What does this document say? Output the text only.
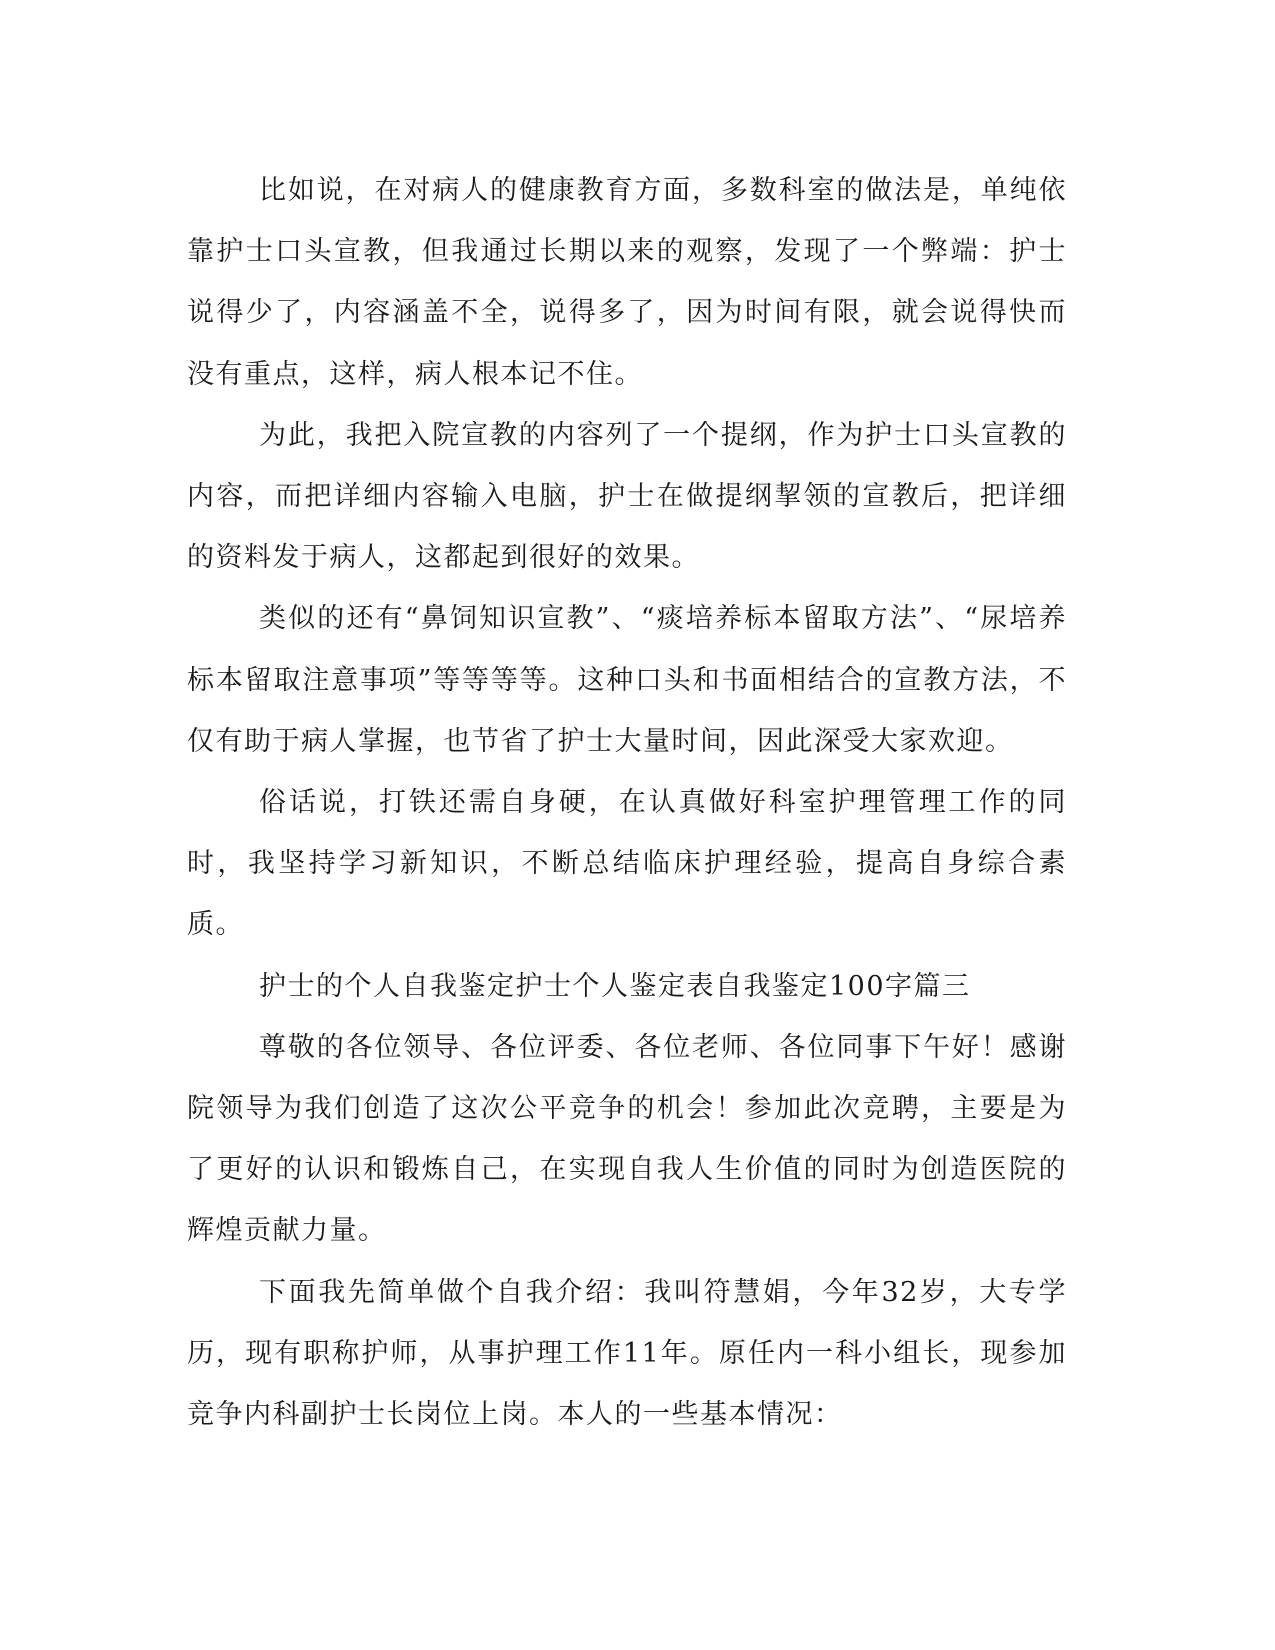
比如说，在对病人的健康教育方面，多数科室的做法是，单纯依靠护士口头宣教，但我通过长期以来的观察，发现了一个弊端：护士说得少了，内容涵盖不全，说得多了，因为时间有限，就会说得快而没有重点，这样，病人根本记不住。

为此，我把入院宣教的内容列了一个提纲，作为护士口头宣教的内容，而把详细内容输入电脑，护士在做提纲挈领的宣教后，把详细的资料发于病人，这都起到很好的效果。

类似的还有“鼻饲知识宣教”、“痰培养标本留取方法”、“尿培养标本留取注意事项”等等等等。这种口头和书面相结合的宣教方法，不仅有助于病人掌握，也节省了护士大量时间，因此深受大家欢迎。

俗话说，打铁还需自身硬，在认真做好科室护理管理工作的同时，我坚持学习新知识，不断总结临床护理经验，提高自身综合素质。

护士的个人自我鉴定护士个人鉴定表自我鉴定100字篇三

尊敬的各位领导、各位评委、各位老师、各位同事下午好！感谢院领导为我们创造了这次公平竞争的机会！参加此次竞聘，主要是为了更好的认识和锻炼自己，在实现自我人生价值的同时为创造医院的辉煌贡献力量。

下面我先简单做个自我介绍：我叫符慧娟，今年32岁，大专学历，现有职称护师，从事护理工作11年。原任内一科小组长，现参加竞争内科副护士长岗位上岗。本人的一些基本情况：
